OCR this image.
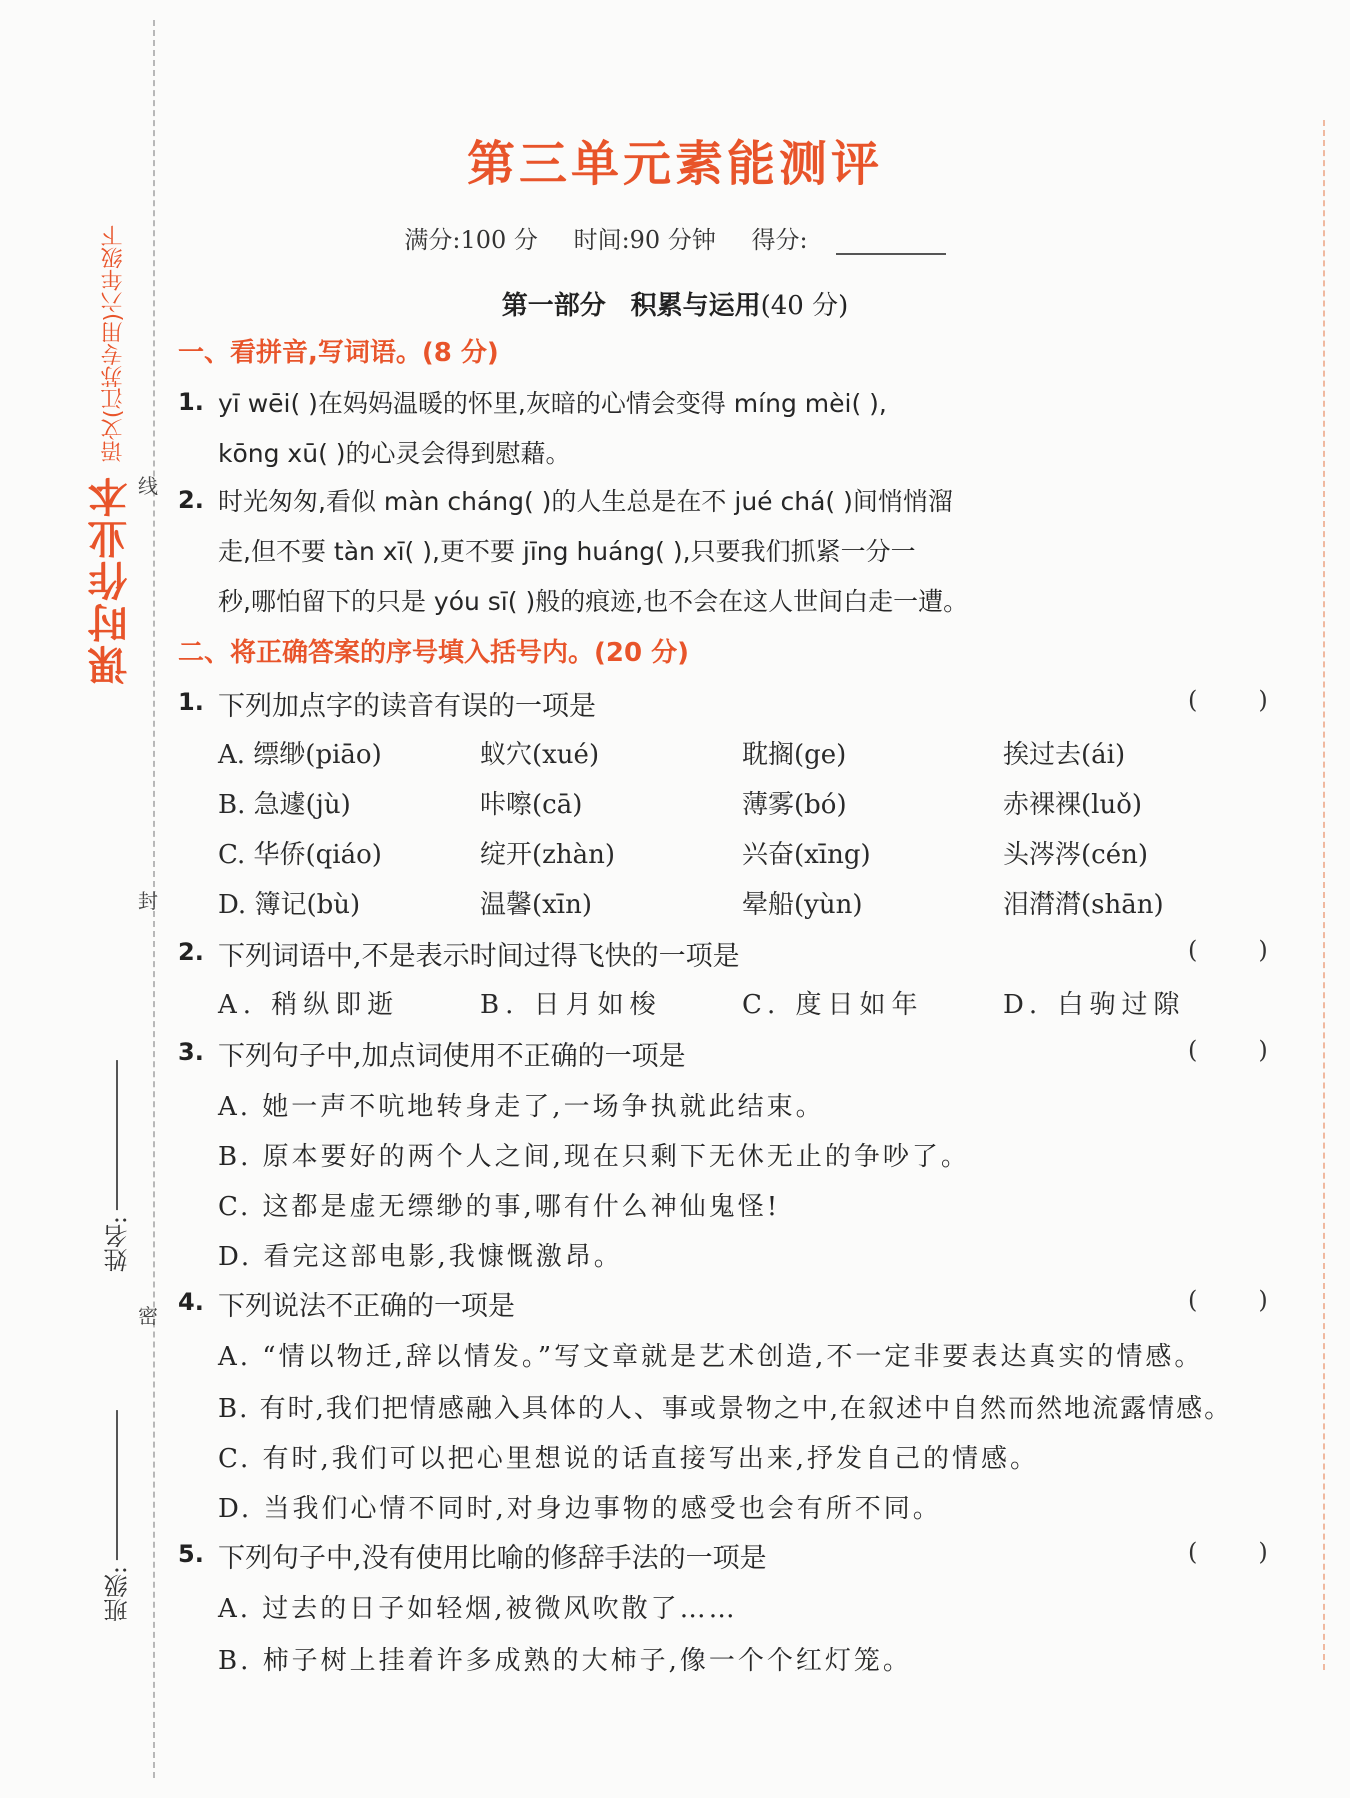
线
封
密
语文(江苏专用)六年级下
课时作业本
姓名:
班级:
第三单元素能测评
满分:100 分 时间:90 分钟 得分:
第一部分 积累与运用(40 分)
一、看拼音,写词语。(8 分)
1. yī wēi( )在妈妈温暖的怀里,灰暗的心情会变得 míng mèi( ),
kōng xū( )的心灵会得到慰藉。
2. 时光匆匆,看似 màn cháng( )的人生总是在不 jué chá( )间悄悄溜
走,但不要 tàn xī( ),更不要 jīng huáng( ),只要我们抓紧一分一
秒,哪怕留下的只是 yóu sī( )般的痕迹,也不会在这人世间白走一遭。
二、将正确答案的序号填入括号内。(20 分)
1. 下列加点字的读音有误的一项是	(        )
A. 缥缈(piāo)	蚁穴(xué)	耽搁(ge)	挨过去(ái)
B. 急遽(jù)	咔嚓(cā)	薄雾(bó)	赤裸裸(luǒ)
C. 华侨(qiáo)	绽开(zhàn)	兴奋(xīng)	头涔涔(cén)
D. 簿记(bù)	温馨(xīn)	晕船(yùn)	泪潸潸(shān)
2. 下列词语中,不是表示时间过得飞快的一项是	(        )
A. 稍纵即逝	B. 日月如梭	C. 度日如年	D. 白驹过隙
3. 下列句子中,加点词使用不正确的一项是	(        )
A. 她一声不吭地转身走了,一场争执就此结束。
B. 原本要好的两个人之间,现在只剩下无休无止的争吵了。
C. 这都是虚无缥缈的事,哪有什么神仙鬼怪!
D. 看完这部电影,我慷慨激昂。
4. 下列说法不正确的一项是	(        )
A. “情以物迁,辞以情发。”写文章就是艺术创造,不一定非要表达真实的情感。
B. 有时,我们把情感融入具体的人、事或景物之中,在叙述中自然而然地流露情感。
C. 有时,我们可以把心里想说的话直接写出来,抒发自己的情感。
D. 当我们心情不同时,对身边事物的感受也会有所不同。
5. 下列句子中,没有使用比喻的修辞手法的一项是	(        )
A. 过去的日子如轻烟,被微风吹散了……
B. 柿子树上挂着许多成熟的大柿子,像一个个红灯笼。
